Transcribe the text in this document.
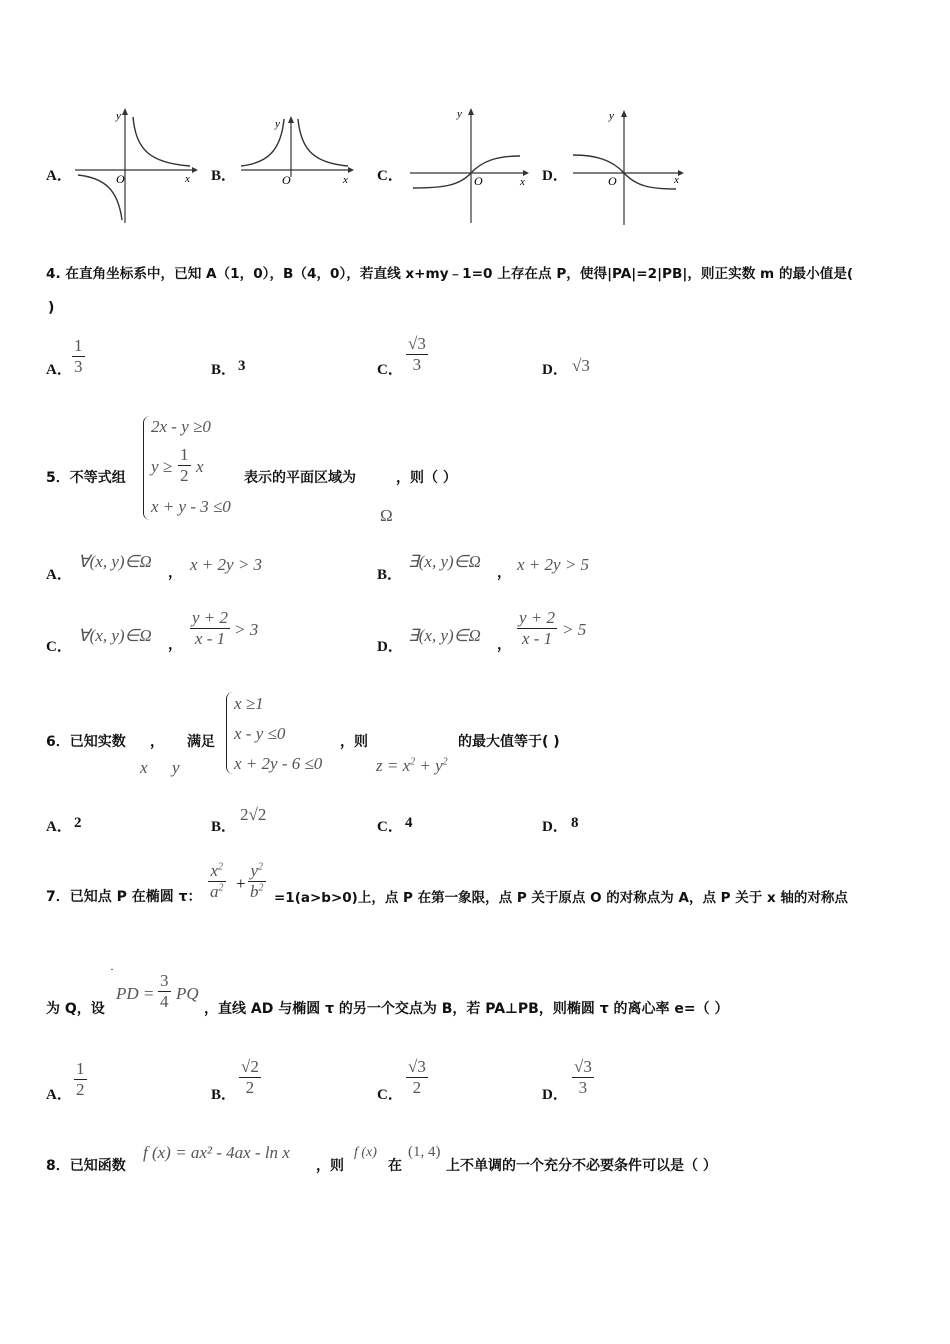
A．
y
x
O	B．
y
x
O	C．
y
x
O	D．
y
x
O
4. 在直角坐标系中，已知 A（1，0），B（4，0），若直线 x+my﹣1=0 上存在点 P，使得|PA|=2|PB|，则正实数 m 的最小值是(
)
A． $\frac{1}{3}$	B． 3	C． $\frac{√3}{3}$	D． √3
5．不等式组
2x - y ≥0
$y \ge \frac{1}{2}$ x
x + y - 3 ≤0
表示的平面区域为	，则（ ）
Ω
A．
∀(x, y)∈Ω
， x + 2y > 3
B．
∃(x, y)∈Ω
， x + 2y > 5
C．
∀(x, y)∈Ω ， $\frac{y + 2}{x - 1} > 3$
D．
∃(x, y)∈Ω ， $\frac{y + 2}{x - 1} > 5$
6．已知实数 ， 满足
x y
x ≥1
x - y ≤0
x + 2y - 6 ≤0
，则
$z = x^2 + y^2$
的最大值等于( )
A． 2	B．
2√2
C． 4	D． 8
7．已知点 P 在椭圆 τ： $\frac{x^2}{a^2} + \frac{y^2}{b^2} =1(a>b>0)$上，点 P 在第一象限，点 P 关于原点 O 的对称点为 A，点 P 关于 x 轴的对称点
为 Q，设
·
PD = $\frac{3}{4}$ PQ
，直线 AD 与椭圆 τ 的另一个交点为 B，若 PA⊥PB，则椭圆 τ 的离心率 e=（ ）
A． $\frac{1}{2}$	B． $\frac{√2}{2}$	C． $\frac{√3}{2}$	D． $\frac{√3}{3}$
8．已知函数
f (x) = ax² - 4ax - ln x
，则
f (x)
在
(1, 4)
上不单调的一个充分不必要条件可以是（ ）
